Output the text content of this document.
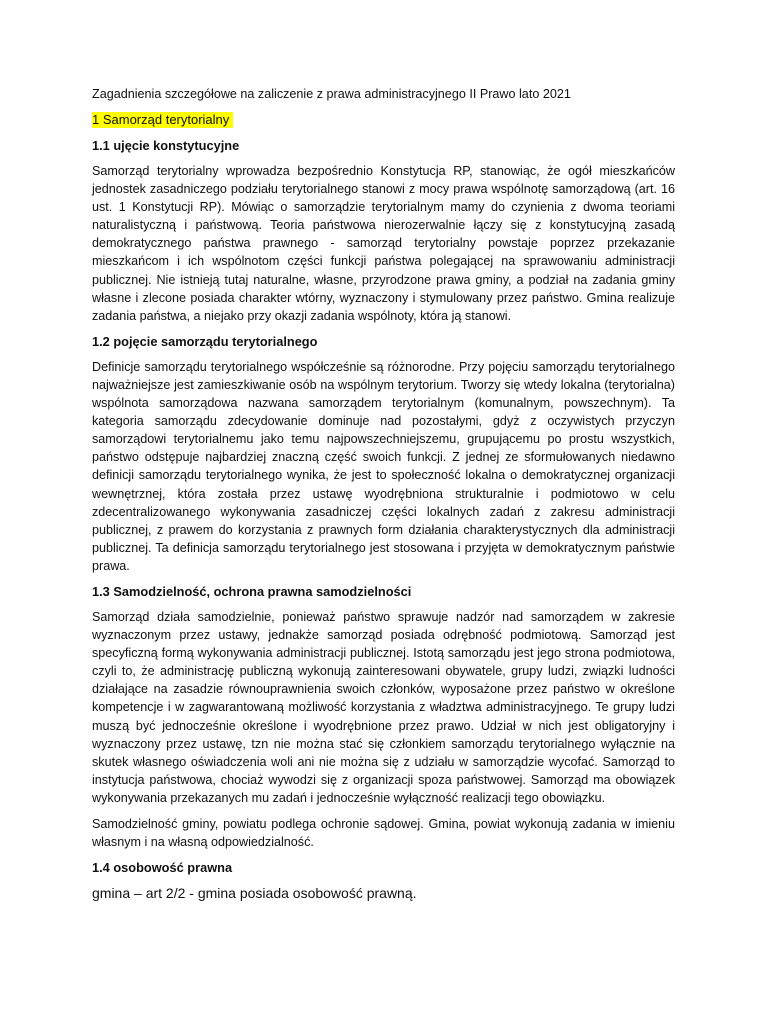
Zagadnienia szczegółowe na zaliczenie z prawa administracyjnego II Prawo lato 2021
1 Samorząd terytorialny
1.1 ujęcie konstytucyjne

Samorząd terytorialny wprowadza bezpośrednio Konstytucja RP, stanowiąc, że ogół mieszkańców jednostek zasadniczego podziału terytorialnego stanowi z mocy prawa wspólnotę samorządową (art. 16 ust. 1 Konstytucji RP). Mówiąc o samorządzie terytorialnym mamy do czynienia z dwoma teoriami naturalistyczną i państwową. Teoria państwowa nierozerwalnie łączy się z konstytucyjną zasadą demokratycznego państwa prawnego - samorząd terytorialny powstaje poprzez przekazanie mieszkańcom i ich wspólnotom części funkcji państwa polegającej na sprawowaniu administracji publicznej. Nie istnieją tutaj naturalne, własne, przyrodzone prawa gminy, a podział na zadania gminy własne i zlecone posiada charakter wtórny, wyznaczony i stymulowany przez państwo. Gmina realizuje zadania państwa, a niejako przy okazji zadania wspólnoty, która ją stanowi.

1.2 pojęcie samorządu terytorialnego

Definicje samorządu terytorialnego współcześnie są różnorodne. Przy pojęciu samorządu terytorialnego najważniejsze jest zamieszkiwanie osób na wspólnym terytorium. Tworzy się wtedy lokalna (terytorialna) wspólnota samorządowa nazwana samorządem terytorialnym (komunalnym, powszechnym). Ta kategoria samorządu zdecydowanie dominuje nad pozostałymi, gdyż z oczywistych przyczyn samorządowi terytorialnemu jako temu najpowszechniejszemu, grupującemu po prostu wszystkich, państwo odstępuje najbardziej znaczną część swoich funkcji. Z jednej ze sformułowanych niedawno definicji samorządu terytorialnego wynika, że jest to społeczność lokalna o demokratycznej organizacji wewnętrznej, która została przez ustawę wyodrębniona strukturalnie i podmiotowo w celu zdecentralizowanego wykonywania zasadniczej części lokalnych zadań z zakresu administracji publicznej, z prawem do korzystania z prawnych form działania charakterystycznych dla administracji publicznej. Ta definicja samorządu terytorialnego jest stosowana i przyjęta w demokratycznym państwie prawa.

1.3 Samodzielność, ochrona prawna samodzielności

Samorząd działa samodzielnie, ponieważ państwo sprawuje nadzór nad samorządem w zakresie wyznaczonym przez ustawy, jednakże samorząd posiada odrębność podmiotową. Samorząd jest specyficzną formą wykonywania administracji publicznej. Istotą samorządu jest jego strona podmiotowa, czyli to, że administrację publiczną wykonują zainteresowani obywatele, grupy ludzi, związki ludności działające na zasadzie równouprawnienia swoich członków, wyposażone przez państwo w określone kompetencje i w zagwarantowaną możliwość korzystania z władztwa administracyjnego. Te grupy ludzi muszą być jednocześnie określone i wyodrębnione przez prawo. Udział w nich jest obligatoryjny i wyznaczony przez ustawę, tzn nie można stać się członkiem samorządu terytorialnego wyłącznie na skutek własnego oświadczenia woli ani nie można się z udziału w samorządzie wycofać. Samorząd to instytucja państwowa, chociaż wywodzi się z organizacji spoza państwowej. Samorząd ma obowiązek wykonywania przekazanych mu zadań i jednocześnie wyłączność realizacji tego obowiązku.

Samodzielność gminy, powiatu podlega ochronie sądowej. Gmina, powiat wykonują zadania w imieniu własnym i na własną odpowiedzialność.

1.4 osobowość prawna
gmina – art 2/2 - gmina posiada osobowość prawną.
